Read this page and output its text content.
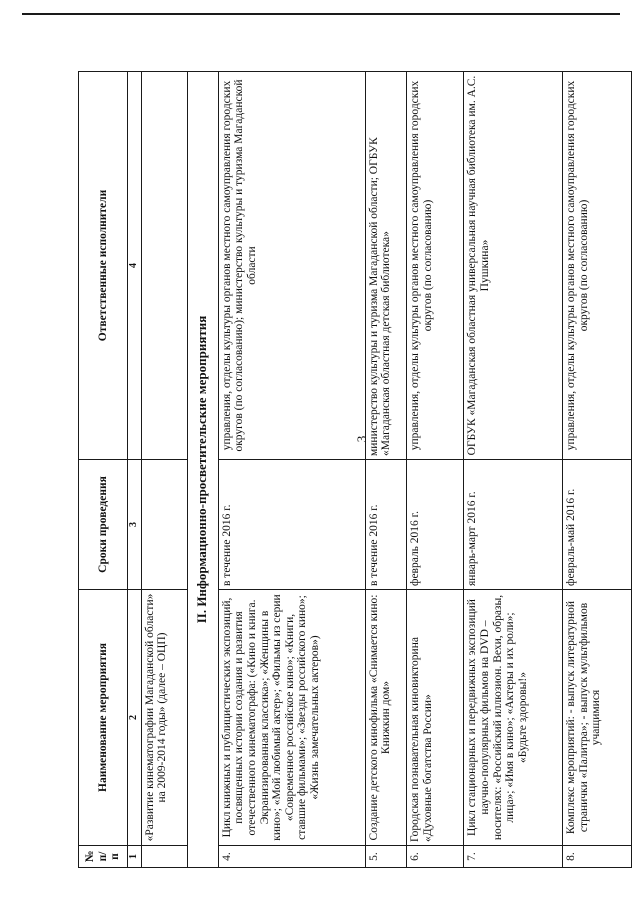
3
№ п/п	Наименование мероприятия	Сроки проведения	Ответственные исполнители
1	2	3	4
	«Развитие кинематографии Магаданской области» на 2009-2014 годы» (далее – ОЦП)		
II. Информационно-просветительские мероприятия			
4.	Цикл книжных и публицистических экспозиций, посвященных истории создания и развития отечественного кинематографа: («Кино и книга. Экранизированная классика»; «Женщины в кино»; «Мой любимый актер»; «Фильмы из серии «Современное российское кино»; «Книги, ставшие фильмами»; «Звезды российского кино»; «Жизнь замечательных актеров»)	в течение 2016 г.	управления, отделы культуры органов местного самоуправления городских округов (по согласованию); министерство культуры и туризма Магаданской области
5.	Создание детского кинофильма «Снимается кино: Книжкин дом»	в течение 2016 г.	министерство культуры и туризма Магаданской области; ОГБУК «Магаданская областная детская библиотека»
6.	Городская познавательная киновикторина «Духовные богатства России»	февраль 2016 г.	управления, отделы культуры органов местного самоуправления городских округов (по согласованию)
7.	Цикл стационарных и передвижных экспозиций научно-популярных фильмов на DVD – носителях: «Российский иллюзион. Вехи, образы, лица»; «Имя в кино»; «Актеры и их роли»; «Будьте здоровы!»	январь-март 2016 г.	ОГБУК «Магаданская областная универсальная научная библиотека им. А.С. Пушкина»
8.	Комплекс мероприятий: - выпуск литературной странички «Палитра»; - выпуск мультфильмов учащимися	февраль-май 2016 г.	управления, отделы культуры органов местного самоуправления городских округов (по согласованию)
